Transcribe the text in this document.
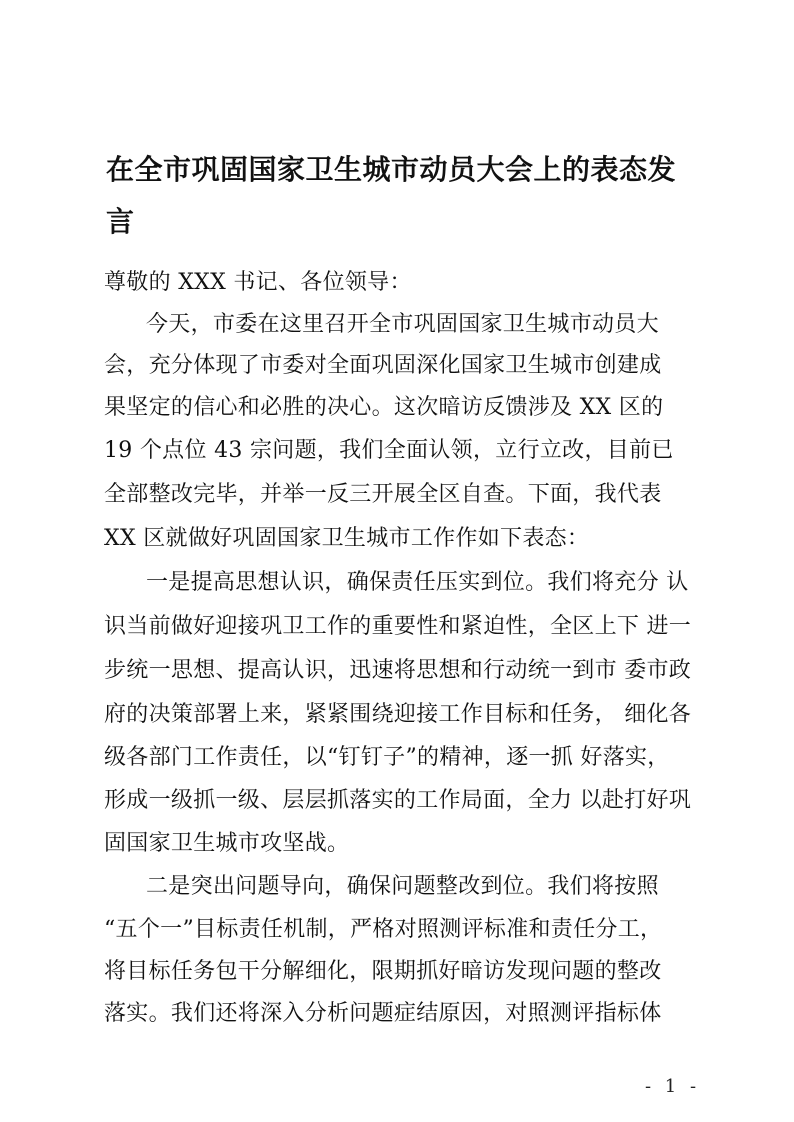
在全市巩固国家卫生城市动员大会上的表态发
言
尊敬的 XXX 书记、各位领导：
今天，市委在这里召开全市巩固国家卫生城市动员大
会，充分体现了市委对全面巩固深化国家卫生城市创建成
果坚定的信心和必胜的决心。这次暗访反馈涉及 XX 区的
19 个点位 43 宗问题，我们全面认领，立行立改，目前已
全部整改完毕，并举一反三开展全区自查。下面，我代表
XX 区就做好巩固国家卫生城市工作作如下表态：
一是提高思想认识，确保责任压实到位。我们将充分 认
识当前做好迎接巩卫工作的重要性和紧迫性，全区上下 进一
步统一思想、提高认识，迅速将思想和行动统一到市 委市政
府的决策部署上来，紧紧围绕迎接工作目标和任务， 细化各
级各部门工作责任，以“钉钉子”的精神，逐一抓 好落实，
形成一级抓一级、层层抓落实的工作局面，全力 以赴打好巩
固国家卫生城市攻坚战。
二是突出问题导向，确保问题整改到位。我们将按照
“五个一”目标责任机制，严格对照测评标准和责任分工，
将目标任务包干分解细化，限期抓好暗访发现问题的整改
落实。我们还将深入分析问题症结原因，对照测评指标体
- 1 -
